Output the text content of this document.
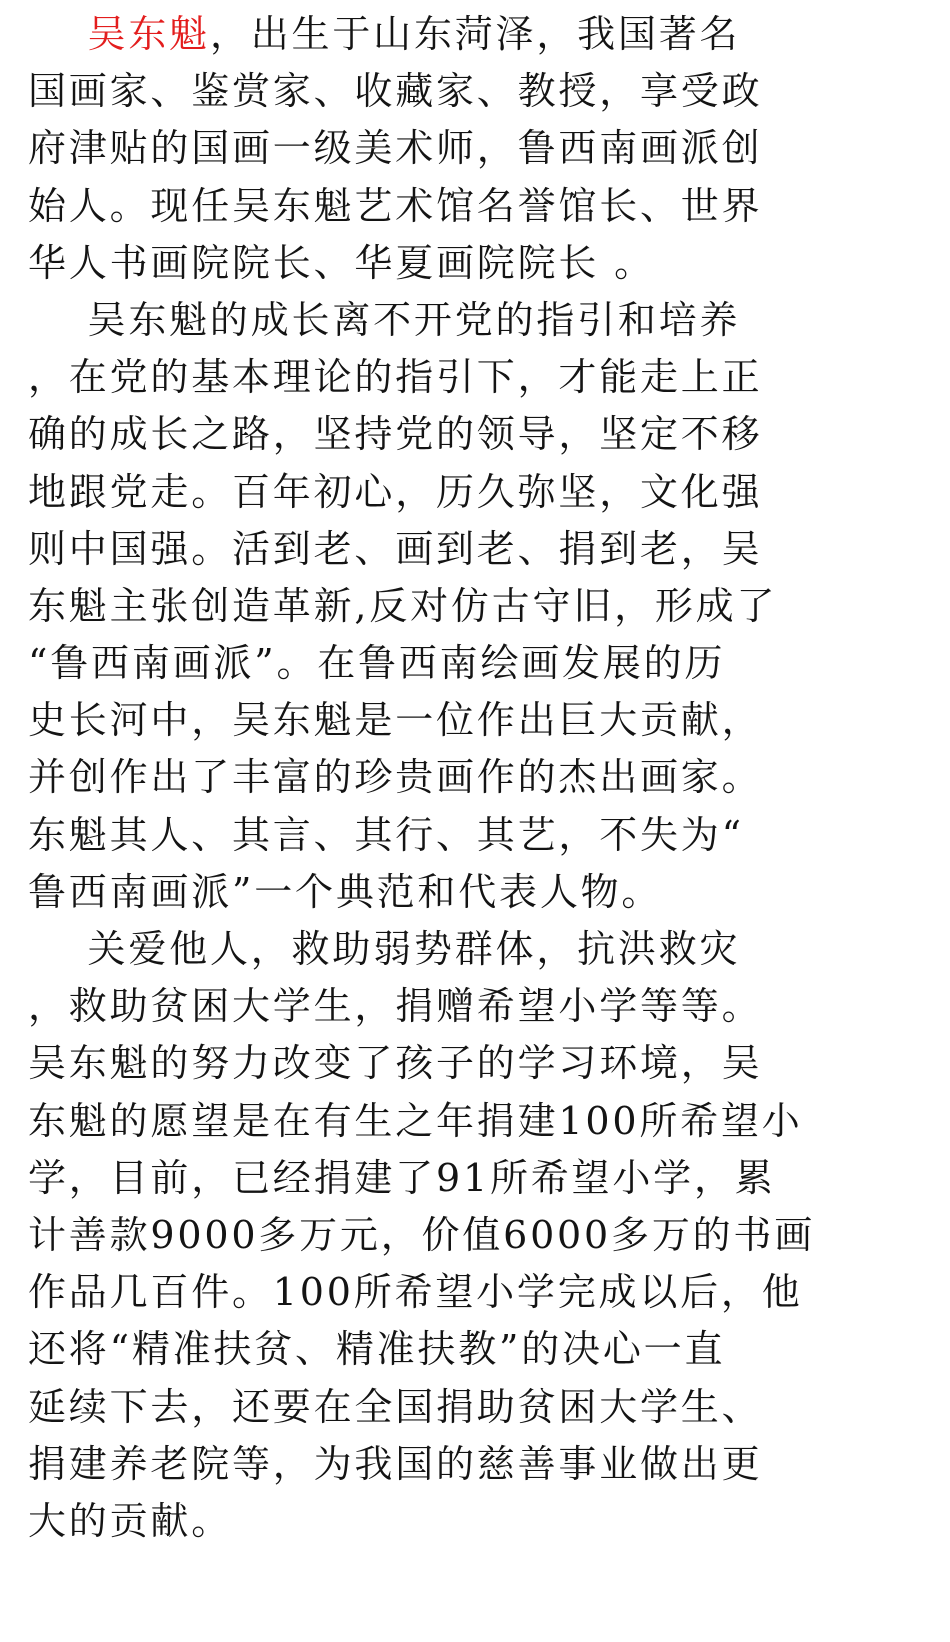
吴东魁，出生于山东菏泽，我国著名
国画家、鉴赏家、收藏家、教授，享受政
府津贴的国画一级美术师，鲁西南画派创
始人。现任吴东魁艺术馆名誉馆长、世界
华人书画院院长、华夏画院院长 。
吴东魁的成长离不开党的指引和培养
，在党的基本理论的指引下，才能走上正
确的成长之路，坚持党的领导，坚定不移
地跟党走。百年初心，历久弥坚，文化强
则中国强。活到老、画到老、捐到老，吴
东魁主张创造革新,反对仿古守旧，形成了
“鲁西南画派”。在鲁西南绘画发展的历
史长河中，吴东魁是一位作出巨大贡献，
并创作出了丰富的珍贵画作的杰出画家。
东魁其人、其言、其行、其艺，不失为“
鲁西南画派”一个典范和代表人物。
关爱他人，救助弱势群体，抗洪救灾
，救助贫困大学生，捐赠希望小学等等。
吴东魁的努力改变了孩子的学习环境，吴
东魁的愿望是在有生之年捐建100所希望小
学，目前，已经捐建了91所希望小学，累
计善款9000多万元，价值6000多万的书画
作品几百件。100所希望小学完成以后，他
还将“精准扶贫、精准扶教”的决心一直
延续下去，还要在全国捐助贫困大学生、
捐建养老院等，为我国的慈善事业做出更
大的贡献。
